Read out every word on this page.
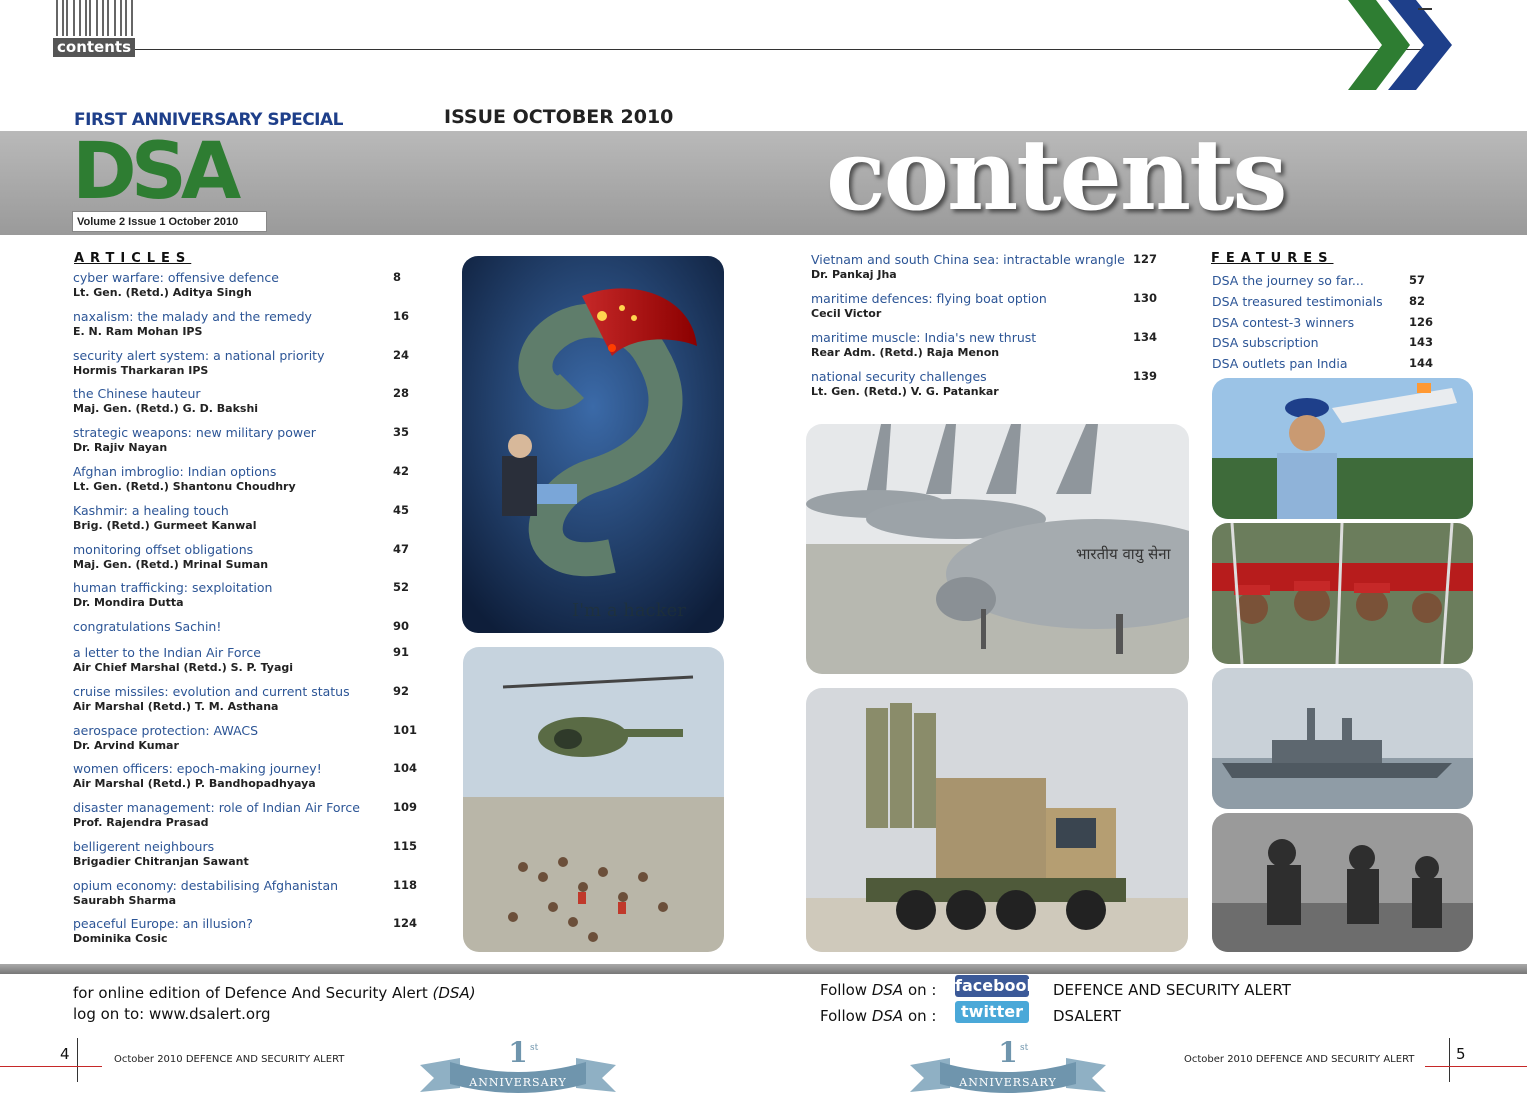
contents
FIRST ANNIVERSARY SPECIAL	ISSUE OCTOBER 2010
DSA
Volume 2 Issue 1 October 2010	contents
ARTICLES
cyber warfare: offensive defence
Lt. Gen. (Retd.) Aditya Singh
8
naxalism: the malady and the remedy
E. N. Ram Mohan IPS
16
security alert system: a national priority
Hormis Tharkaran IPS
24
the Chinese hauteur
Maj. Gen. (Retd.) G. D. Bakshi
28
strategic weapons: new military power
Dr. Rajiv Nayan
35
Afghan imbroglio: Indian options
Lt. Gen. (Retd.) Shantonu Choudhry
42
Kashmir: a healing touch
Brig. (Retd.) Gurmeet Kanwal
45
monitoring offset obligations
Maj. Gen. (Retd.) Mrinal Suman
47
human trafficking: sexploitation
Dr. Mondira Dutta
52
congratulations Sachin!	90
a letter to the Indian Air Force
Air Chief Marshal (Retd.) S. P. Tyagi
91
cruise missiles: evolution and current status
Air Marshal (Retd.) T. M. Asthana
92
aerospace protection: AWACS
Dr. Arvind Kumar
101
women officers: epoch-making journey!
Air Marshal (Retd.) P. Bandhopadhyaya
104
disaster management: role of Indian Air Force
Prof. Rajendra Prasad
109
belligerent neighbours
Brigadier Chitranjan Sawant
115
opium economy: destabilising Afghanistan
Saurabh Sharma
118
peaceful Europe: an illusion?
Dominika Cosic
124
Vietnam and south China sea: intractable wrangle
Dr. Pankaj Jha
127
maritime defences: flying boat option
Cecil Victor
130
maritime muscle: India's new thrust
Rear Adm. (Retd.) Raja Menon
134
national security challenges
Lt. Gen. (Retd.) V. G. Patankar
139
FEATURES
DSA the journey so far...	57
DSA treasured testimonials 82
DSA contest-3 winners	126
DSA subscription	143
DSA outlets pan India	144
I'm a hacker
भारतीय वायु सेना
for online edition of Defence And Security Alert (DSA)
log on to: www.dsalert.org
Follow DSA on : facebook DEFENCE AND SECURITY ALERT
Follow DSA on :	twitter	DSALERT
4	October 2010 DEFENCE AND SECURITY ALERT	5
October 2010 DEFENCE AND SECURITY ALERT
1 st
ANNIVERSARY
1 st
ANNIVERSARY
